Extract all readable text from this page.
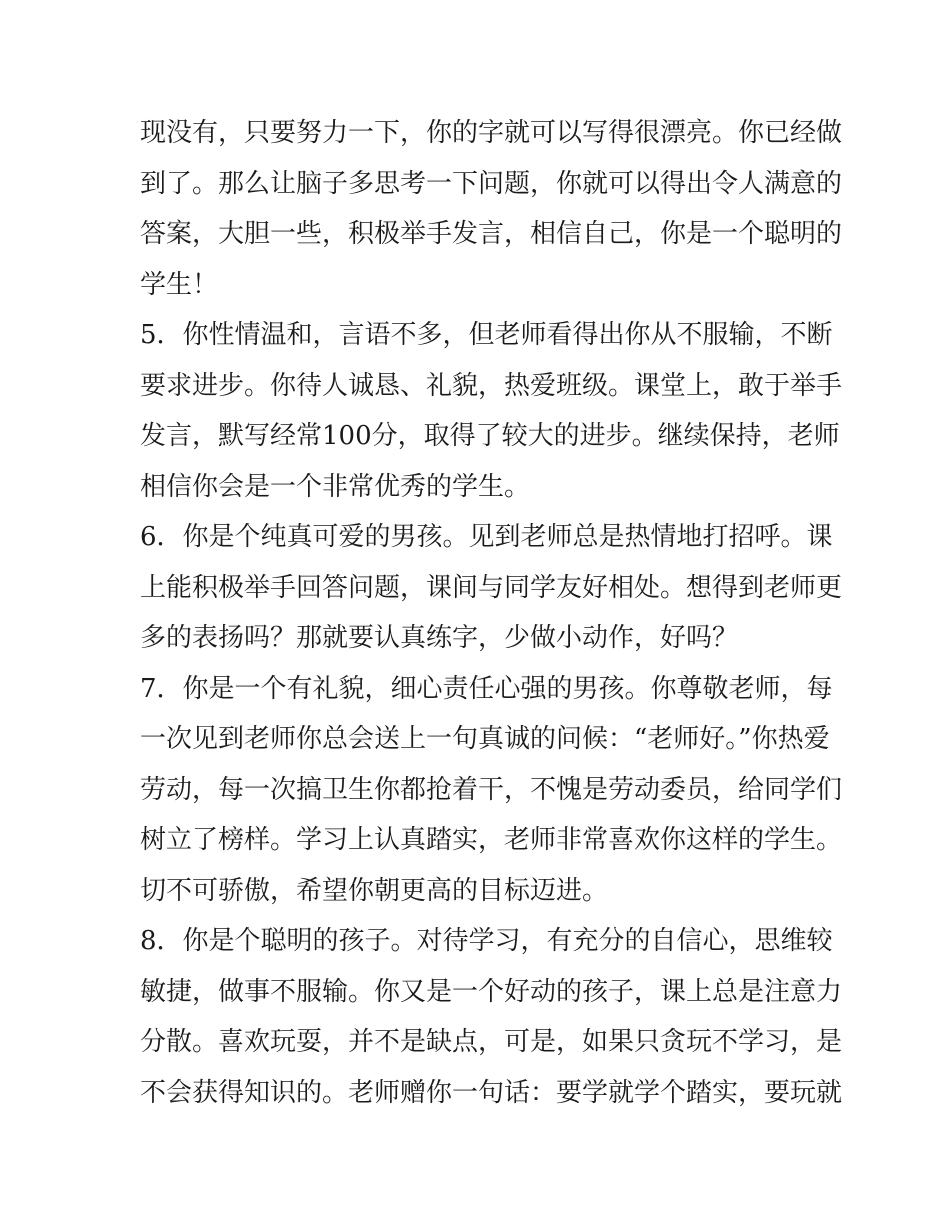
现没有，只要努力一下，你的字就可以写得很漂亮。你已经做
到了。那么让脑子多思考一下问题，你就可以得出令人满意的
答案，大胆一些，积极举手发言，相信自己，你是一个聪明的
学生！
5．你性情温和，言语不多，但老师看得出你从不服输，不断
要求进步。你待人诚恳、礼貌，热爱班级。课堂上，敢于举手
发言，默写经常100分，取得了较大的进步。继续保持，老师
相信你会是一个非常优秀的学生。
6．你是个纯真可爱的男孩。见到老师总是热情地打招呼。课
上能积极举手回答问题，课间与同学友好相处。想得到老师更
多的表扬吗？那就要认真练字，少做小动作，好吗？
7．你是一个有礼貌，细心责任心强的男孩。你尊敬老师，每
一次见到老师你总会送上一句真诚的问候：“老师好。”你热爱
劳动，每一次搞卫生你都抢着干，不愧是劳动委员，给同学们
树立了榜样。学习上认真踏实，老师非常喜欢你这样的学生。
切不可骄傲，希望你朝更高的目标迈进。
8．你是个聪明的孩子。对待学习，有充分的自信心，思维较
敏捷，做事不服输。你又是一个好动的孩子，课上总是注意力
分散。喜欢玩耍，并不是缺点，可是，如果只贪玩不学习，是
不会获得知识的。老师赠你一句话：要学就学个踏实，要玩就
